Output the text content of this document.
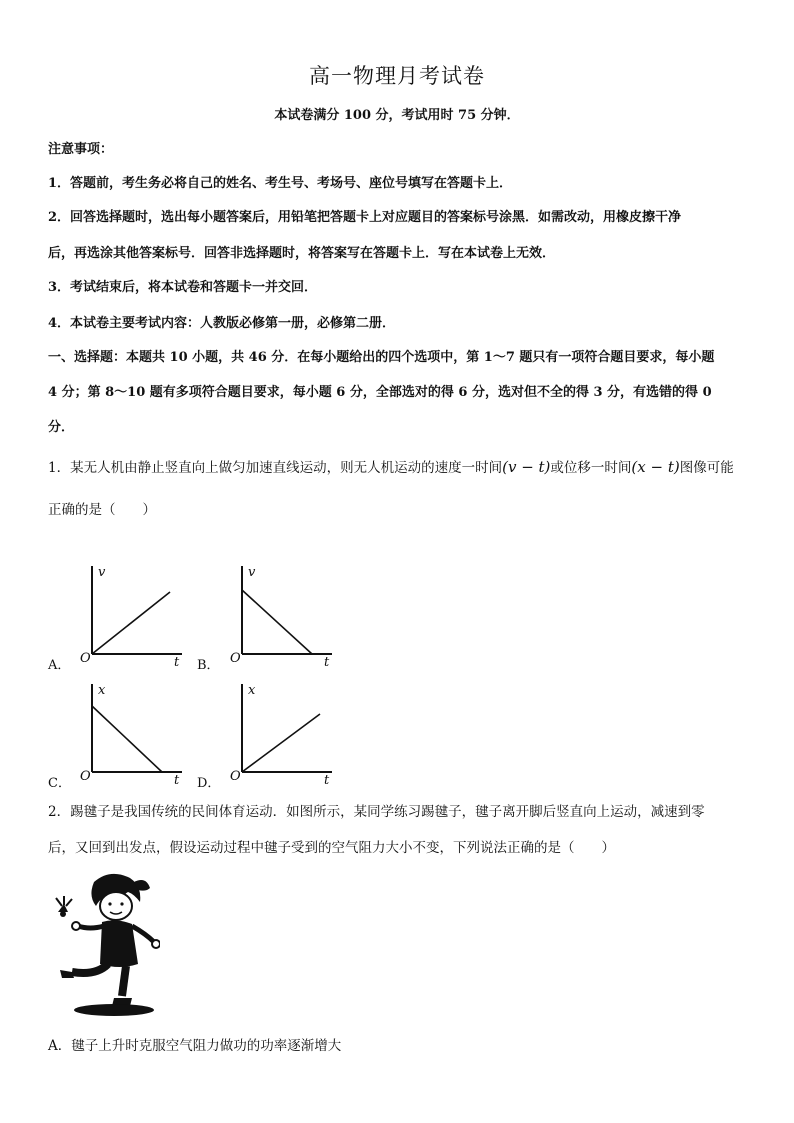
高一物理月考试卷
本试卷满分 100 分，考试用时 75 分钟．
注意事项：
1．答题前，考生务必将自己的姓名、考生号、考场号、座位号填写在答题卡上．
2．回答选择题时，选出每小题答案后，用铅笔把答题卡上对应题目的答案标号涂黑．如需改动，用橡皮擦干净
后，再选涂其他答案标号．回答非选择题时，将答案写在答题卡上．写在本试卷上无效．
3．考试结束后，将本试卷和答题卡一并交回．
4．本试卷主要考试内容：人教版必修第一册，必修第二册．
一、选择题：本题共 10 小题，共 46 分．在每小题给出的四个选项中，第 1～7 题只有一项符合题目要求，每小题
4 分；第 8～10 题有多项符合题目要求，每小题 6 分，全部选对的得 6 分，选对但不全的得 3 分，有选错的得 0
分．
1．某无人机由静止竖直向上做匀加速直线运动，则无人机运动的速度一时间(v − t)或位移一时间(x − t)图像可能
正确的是（　　）
A．
v
O	t B．
v
O	t
C．
x
O	t D．
x
O	t
2．踢毽子是我国传统的民间体育运动．如图所示，某同学练习踢毽子，毽子离开脚后竖直向上运动，减速到零
后，又回到出发点，假设运动过程中毽子受到的空气阻力大小不变，下列说法正确的是（　　）
A．毽子上升时克服空气阻力做功的功率逐渐增大
